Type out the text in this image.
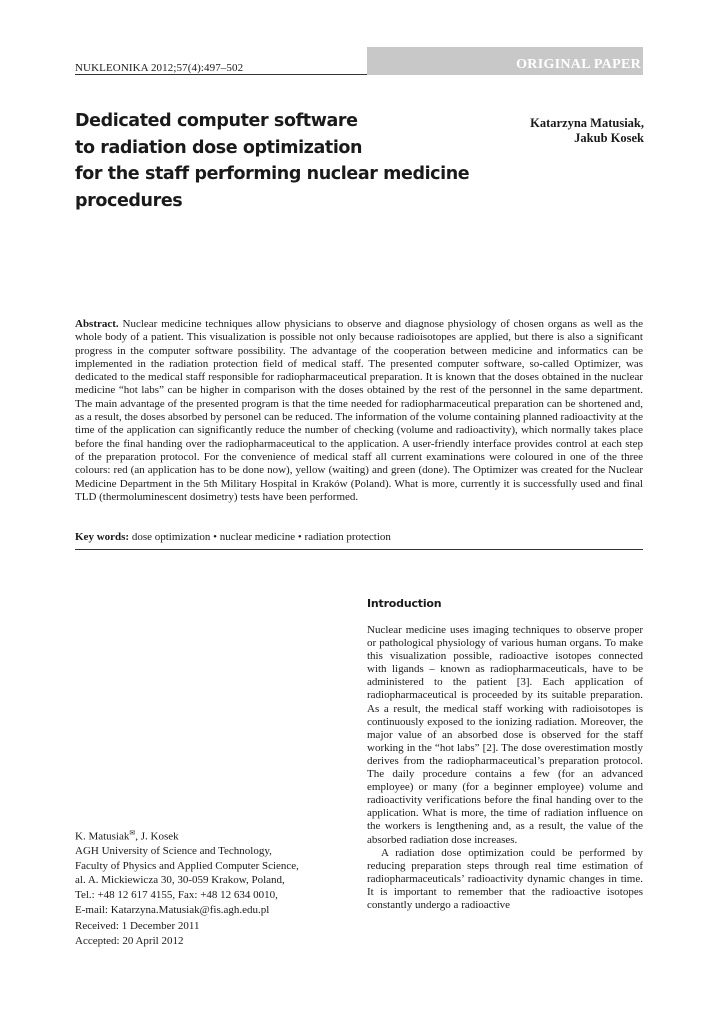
NUKLEONIKA 2012;57(4):497–502	ORIGINAL PAPER
Dedicated computer software
to radiation dose optimization
for the staff performing nuclear medicine
procedures
Katarzyna Matusiak,
Jakub Kosek
Abstract. Nuclear medicine techniques allow physicians to observe and diagnose physiology of chosen organs as well as the whole body of a patient. This visualization is possible not only because radioisotopes are applied, but there is also a significant progress in the computer software possibility. The advantage of the cooperation between medicine and informatics can be implemented in the radiation protection field of medical staff. The presented computer software, so-called Optimizer, was dedicated to the medical staff responsible for radiopharmaceutical preparation. It is known that the doses obtained in the nuclear medicine “hot labs” can be higher in comparison with the doses obtained by the rest of the personnel in the same department. The main advantage of the presented program is that the time needed for radiopharmaceutical preparation can be shortened and, as a result, the doses absorbed by personel can be reduced. The information of the volume containing planned radioactivity at the time of the application can significantly reduce the number of checking (volume and radioactivity), which normally takes place before the final handing over the radiopharmaceutical to the application. A user-friendly interface provides control at each step of the preparation protocol. For the convenience of medical staff all current examinations were coloured in one of the three colours: red (an application has to be done now), yellow (waiting) and green (done). The Optimizer was created for the Nuclear Medicine Department in the 5th Military Hospital in Kraków (Poland). What is more, currently it is successfully used and final TLD (thermoluminescent dosimetry) tests have been performed.
Key words: dose optimization • nuclear medicine • radiation protection
Introduction

Nuclear medicine uses imaging techniques to observe proper or pathological physiology of various human organs. To make this visualization possible, radioactive isotopes connected with ligands – known as radiopharmaceuticals, have to be administered to the patient [3]. Each application of radiopharmaceutical is proceeded by its suitable preparation. As a result, the medical staff working with radioisotopes is continuously exposed to the ionizing radiation. Moreover, the major value of an absorbed dose is observed for the staff working in the “hot labs” [2]. The dose overestimation mostly derives from the radiopharmaceutical’s preparation protocol. The daily procedure contains a few (for an advanced employee) or many (for a beginner employee) volume and radioactivity verifications before the final handing over to the application. What is more, the time of radiation influence on the workers is lengthening and, as a result, the value of the absorbed radiation dose increases.

A radiation dose optimization could be performed by reducing preparation steps through real time estimation of radiopharmaceuticals’ radioactivity dynamic changes in time. It is important to remember that the radioactive isotopes constantly undergo a radioactive

K. Matusiak✉, J. Kosek
AGH University of Science and Technology,
Faculty of Physics and Applied Computer Science,
al. A. Mickiewicza 30, 30-059 Krakow, Poland,
Tel.: +48 12 617 4155, Fax: +48 12 634 0010,
E-mail: Katarzyna.Matusiak@fis.agh.edu.pl
Received: 1 December 2011
Accepted: 20 April 2012
